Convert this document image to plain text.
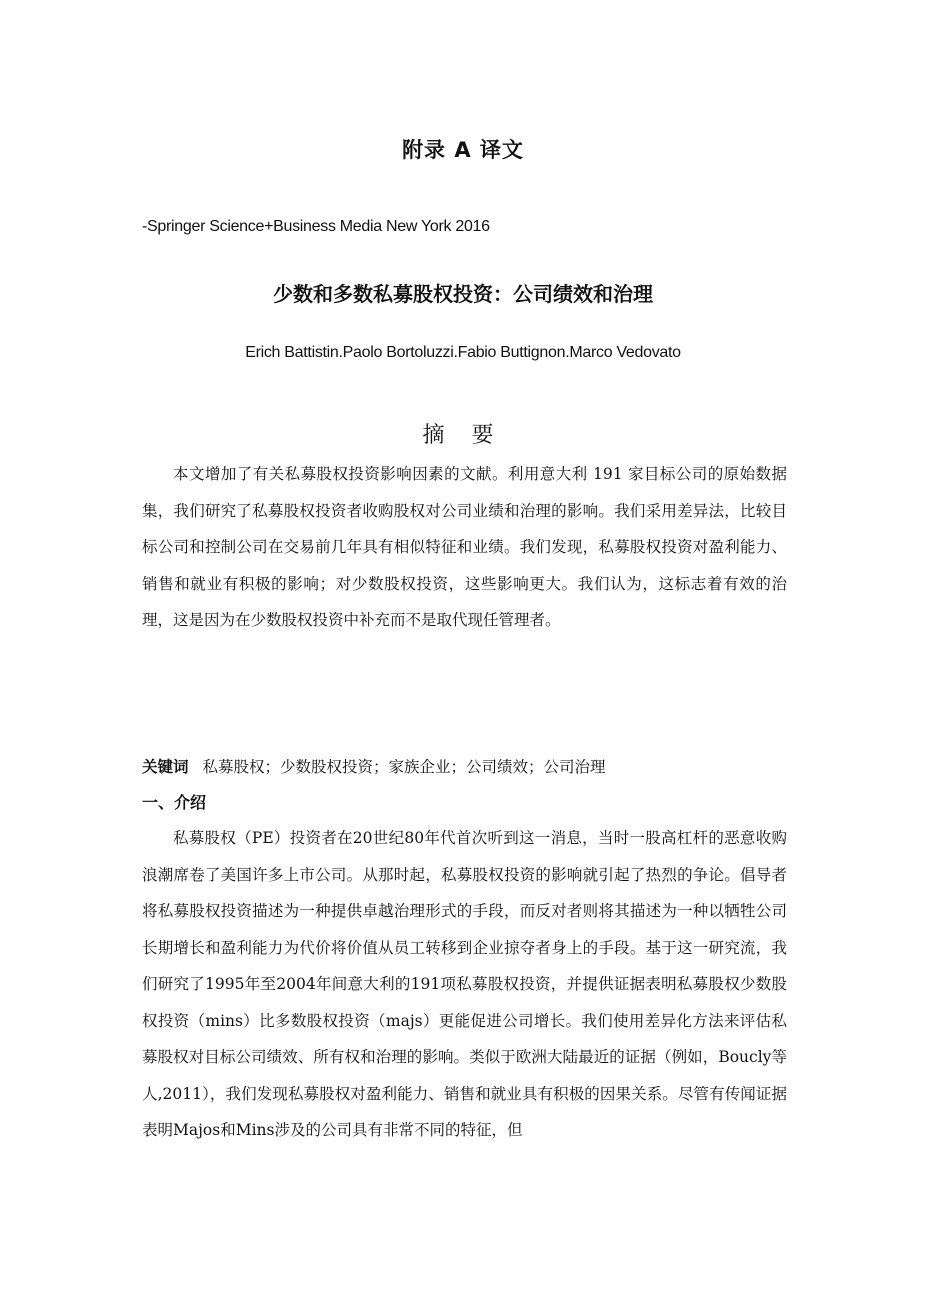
附录 A 译文
-Springer Science+Business Media New York 2016
少数和多数私募股权投资：公司绩效和治理
Erich Battistin.Paolo Bortoluzzi.Fabio Buttignon.Marco Vedovato
摘 要
本文增加了有关私募股权投资影响因素的文献。利用意大利 191 家目标公司的原始数据集，我们研究了私募股权投资者收购股权对公司业绩和治理的影响。我们采用差异法，比较目标公司和控制公司在交易前几年具有相似特征和业绩。我们发现，私募股权投资对盈利能力、销售和就业有积极的影响；对少数股权投资，这些影响更大。我们认为，这标志着有效的治理，这是因为在少数股权投资中补充而不是取代现任管理者。
关键词 私募股权；少数股权投资；家族企业；公司绩效；公司治理
一、介绍
私募股权（PE）投资者在20世纪80年代首次听到这一消息，当时一股高杠杆的恶意收购浪潮席卷了美国许多上市公司。从那时起，私募股权投资的影响就引起了热烈的争论。倡导者将私募股权投资描述为一种提供卓越治理形式的手段，而反对者则将其描述为一种以牺牲公司长期增长和盈利能力为代价将价值从员工转移到企业掠夺者身上的手段。基于这一研究流，我们研究了1995年至2004年间意大利的191项私募股权投资，并提供证据表明私募股权少数股权投资（mins）比多数股权投资（majs）更能促进公司增长。我们使用差异化方法来评估私募股权对目标公司绩效、所有权和治理的影响。类似于欧洲大陆最近的证据（例如，Boucly等人,2011），我们发现私募股权对盈利能力、销售和就业具有积极的因果关系。尽管有传闻证据表明Majos和Mins涉及的公司具有非常不同的特征，但
